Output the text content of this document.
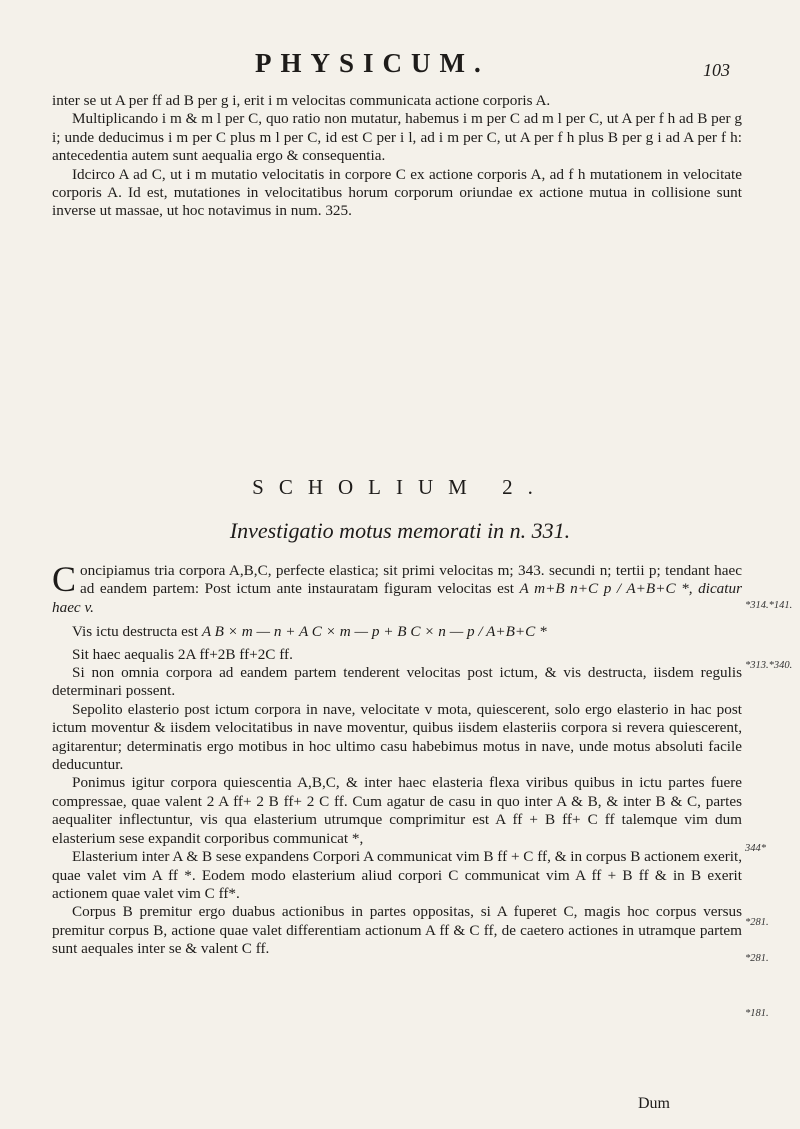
PHYSICUM.	103

inter se ut A per ff ad B per g i, erit i m velocitas communicata actione corporis A.

Multiplicando i m & m l per C, quo ratio non mutatur, habemus i m per C ad m l per C, ut A per f h ad B per g i; unde deducimus i m per C plus m l per C, id est C per i l, ad i m per C, ut A per f h plus B per g i ad A per f h: antecedentia autem sunt aequalia ergo & consequentia.

Idcirco A ad C, ut i m mutatio velocitatis in corpore C ex actione corporis A, ad f h mutationem in velocitate corporis A. Id est, mutationes in velocitatibus horum corporum oriundae ex actione mutua in collisione sunt inverse ut massae, ut hoc notavimus in num. 325.

SCHOLIUM 2.
Investigatio motus memorati in n. 331.

Concipiamus tria corpora A,B,C, perfecte elastica; sit primi velocitas m; 343. secundi n; tertii p; tendant haec ad eandem partem: Post ictum ante instauratam figuram velocitas est A m+B n+C p / A+B+C *, dicatur haec v.

Vis ictu destructa est A B × m — n + A C × m — p + B C × n — p / A+B+C *

Sit haec aequalis 2A ff+2B ff+2C ff.

Si non omnia corpora ad eandem partem tenderent velocitas post ictum, & vis destructa, iisdem regulis determinari possent.

Sepolito elasterio post ictum corpora in nave, velocitate v mota, quiescerent, solo ergo elasterio in hac post ictum moventur & iisdem velocitatibus in nave moventur, quibus iisdem elasteriis corpora si revera quiescerent, agitarentur; determinatis ergo motibus in hoc ultimo casu habebimus motus in nave, unde motus absoluti facile deducuntur.

Ponimus igitur corpora quiescentia A,B,C, & inter haec elasteria flexa viribus quibus in ictu partes fuere compressae, quae valent 2 A ff+ 2 B ff+ 2 C ff. Cum agatur de casu in quo inter A & B, & inter B & C, partes aequaliter inflectuntur, vis qua elasterium utrumque comprimitur est A ff + B ff+ C ff talemque vim dum elasterium sese expandit corporibus communicat *,

Elasterium inter A & B sese expandens Corpori A communicat vim B ff + C ff, & in corpus B actionem exerit, quae valet vim A ff *. Eodem modo elasterium aliud corpori C communicat vim A ff + B ff & in B exerit actionem quae valet vim C ff*.

Corpus B premitur ergo duabus actionibus in partes oppositas, si A fuperet C, magis hoc corpus versus premitur corpus B, actione quae valet differentiam actionum A ff & C ff, de caetero actiones in utramque partem sunt aequales inter se & valent C ff.

*314.*141.
*313.*340.
344*
*281.
*281.
*181.
Dum
